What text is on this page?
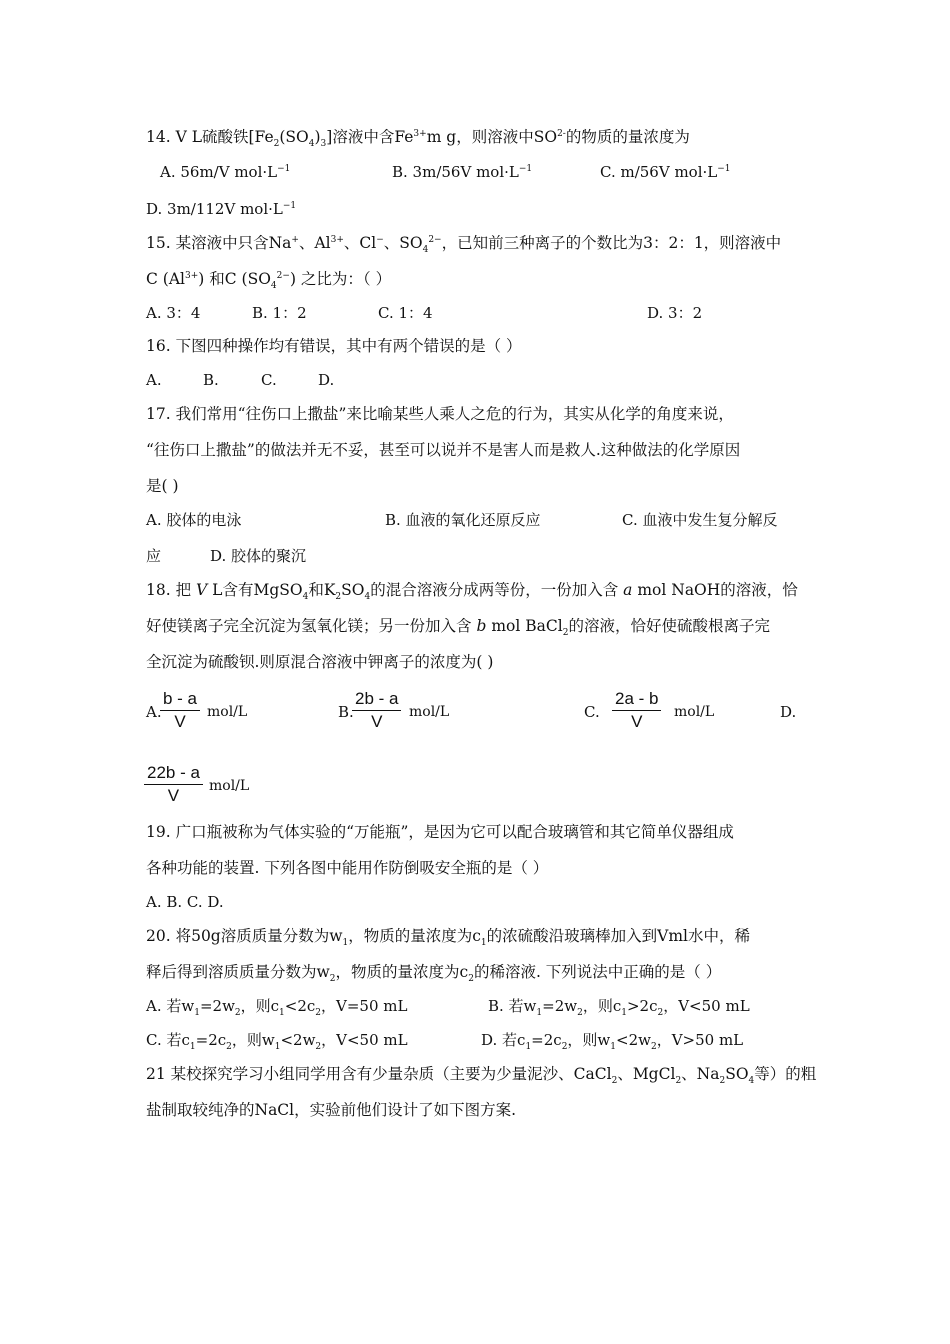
14. V L硫酸铁$[Fe_2(SO_4)_3]$溶液中含$Fe^{3+}m$ g，则溶液中$SO^{2-}$的物质的量浓度为
A. 56m/V $mol\cdot L^{-1}$	B. 3m/56V $mol\cdot L^{-1}$	C. m/56V $mol\cdot L^{-1}$
D. 3m/112V $mol\cdot L^{-1}$
15. 某溶液中只含Na+、$Al^{3+}$、Cl−、$SO_4^{2-}$，已知前三种离子的个数比为3：2：1，则溶液中
C $(Al^{3+})$ 和C $(SO_4^{2-})$ 之比为：（ ）
A. 3：4	B. 1：2	C. 1：4	D. 3：2
16. 下图四种操作均有错误，其中有两个错误的是（ ）
A.	B.	C.	D.
17. 我们常用“往伤口上撒盐”来比喻某些人乘人之危的行为，其实从化学的角度来说，
“往伤口上撒盐”的做法并无不妥，甚至可以说并不是害人而是救人.这种做法的化学原因
是( )
A. 胶体的电泳	B. 血液的氧化还原反应	C. 血液中发生复分解反
应	D. 胶体的聚沉
18. 把 V L含有MgSO$_4$和$K_2SO_4$的混合溶液分成两等份，一份加入含 a mol NaOH的溶液，恰
好使镁离子完全沉淀为氢氧化镁；另一份加入含 b mol BaCl$_2$的溶液，恰好使硫酸根离子完
全沉淀为硫酸钡.则原混合溶液中钾离子的浓度为( )
A.
$\frac{b - a}{V} mol/L$	B.
$\frac{2b - a}{V} mol/L$	C. $\frac{2a - b}{V} mol/L$	D.
$\frac{22b - a}{V} mol/L$
19. 广口瓶被称为气体实验的“万能瓶”，是因为它可以配合玻璃管和其它简单仪器组成
各种功能的装置. 下列各图中能用作防倒吸安全瓶的是（ ）
A. B. C. D.
20. 将50g溶质质量分数为$w_1$，物质的量浓度为$c_1$的浓硫酸沿玻璃棒加入到Vml水中，稀
释后得到溶质质量分数为$w_2$，物质的量浓度为$c_2$的稀溶液. 下列说法中正确的是（ ）
A. 若$w_1=2w_2$，则$c_1<2c_2$，V=50 mL	B. 若$w_1=2w_2$，则$c_1>2c_2$，V<50 mL
C. 若$c_1=2c_2$，则$w_1<2w_2$，V<50 mL	D. 若$c_1=2c_2$，则$w_1<2w_2$，V>50 mL
21 某校探究学习小组同学用含有少量杂质（主要为少量泥沙、CaCl$_2$、MgCl$_2$、$Na_2SO_4$等）的粗
盐制取较纯净的NaCl，实验前他们设计了如下图方案.
